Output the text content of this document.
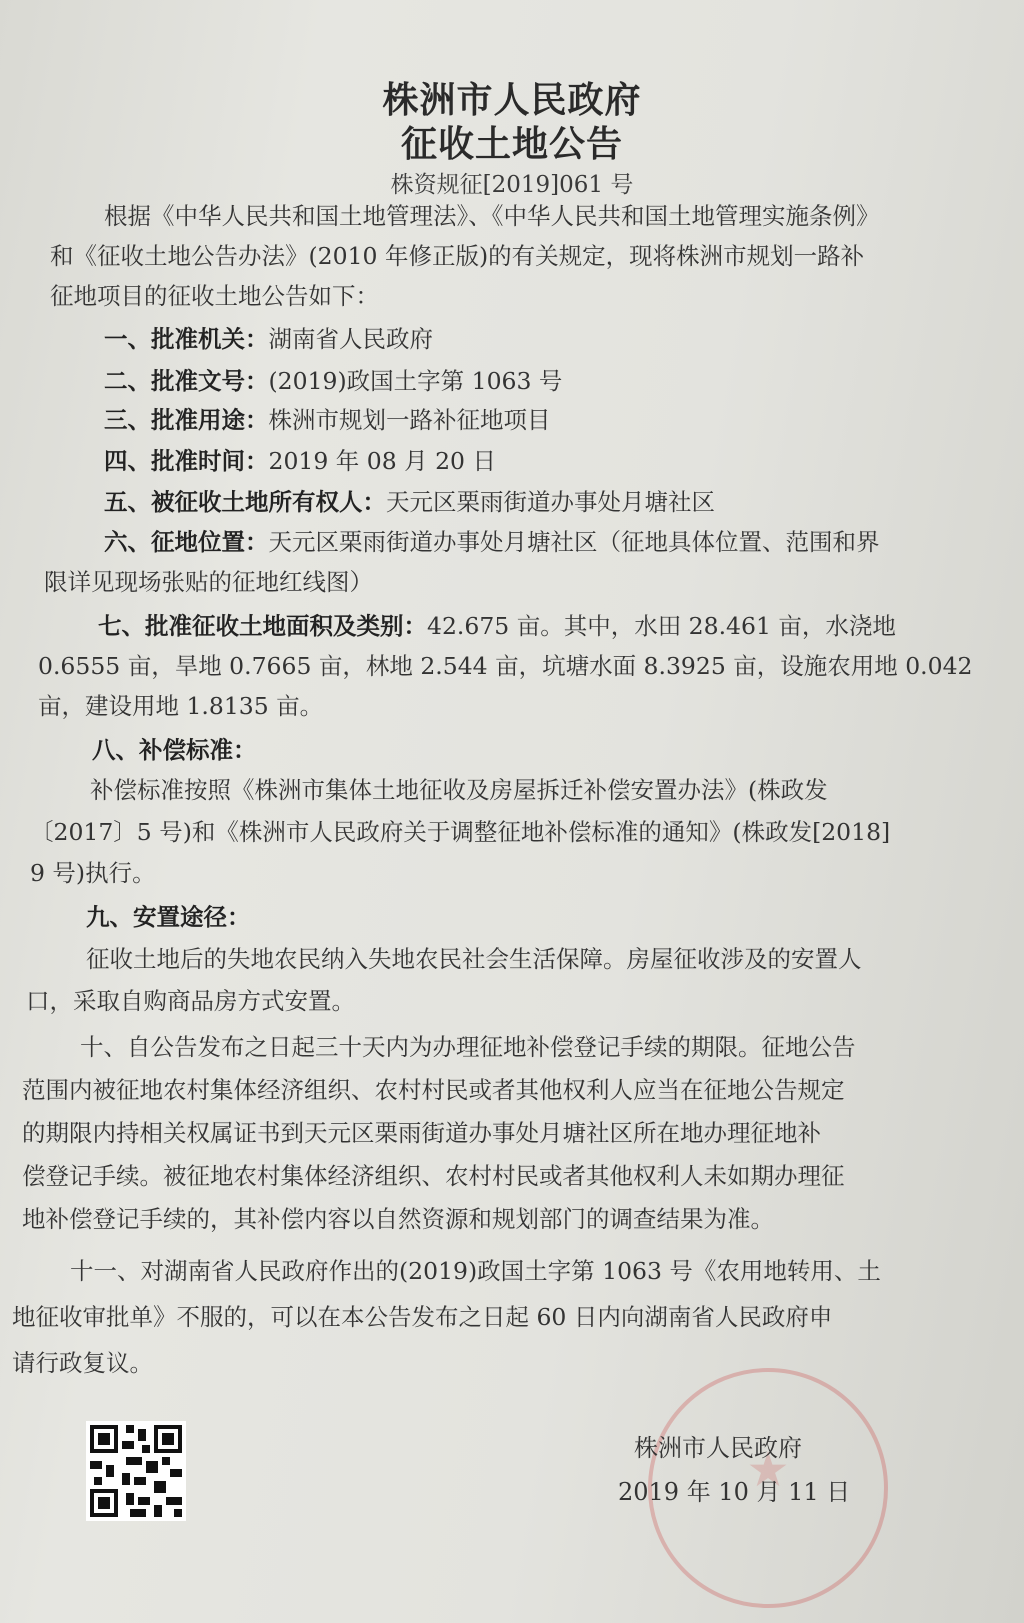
株洲市人民政府
征收土地公告
株资规征[2019]061 号
根据《中华人民共和国土地管理法》、《中华人民共和国土地管理实施条例》
和《征收土地公告办法》(2010 年修正版)的有关规定，现将株洲市规划一路补
征地项目的征收土地公告如下：
一、批准机关：湖南省人民政府
二、批准文号：(2019)政国土字第 1063 号
三、批准用途：株洲市规划一路补征地项目
四、批准时间：2019 年 08 月 20 日
五、被征收土地所有权人：天元区栗雨街道办事处月塘社区
六、征地位置：天元区栗雨街道办事处月塘社区（征地具体位置、范围和界
限详见现场张贴的征地红线图）
七、批准征收土地面积及类别：42.675 亩。其中，水田 28.461 亩，水浇地
0.6555 亩，旱地 0.7665 亩，林地 2.544 亩，坑塘水面 8.3925 亩，设施农用地 0.042
亩，建设用地 1.8135 亩。
八、补偿标准：
补偿标准按照《株洲市集体土地征收及房屋拆迁补偿安置办法》(株政发
〔2017〕5 号)和《株洲市人民政府关于调整征地补偿标准的通知》(株政发[2018]
9 号)执行。
九、安置途径：
征收土地后的失地农民纳入失地农民社会生活保障。房屋征收涉及的安置人
口，采取自购商品房方式安置。
十、自公告发布之日起三十天内为办理征地补偿登记手续的期限。征地公告
范围内被征地农村集体经济组织、农村村民或者其他权利人应当在征地公告规定
的期限内持相关权属证书到天元区栗雨街道办事处月塘社区所在地办理征地补
偿登记手续。被征地农村集体经济组织、农村村民或者其他权利人未如期办理征
地补偿登记手续的，其补偿内容以自然资源和规划部门的调查结果为准。
十一、对湖南省人民政府作出的(2019)政国土字第 1063 号《农用地转用、土
地征收审批单》不服的，可以在本公告发布之日起 60 日内向湖南省人民政府申
请行政复议。
★
株洲市人民政府
2019 年 10 月 11 日
